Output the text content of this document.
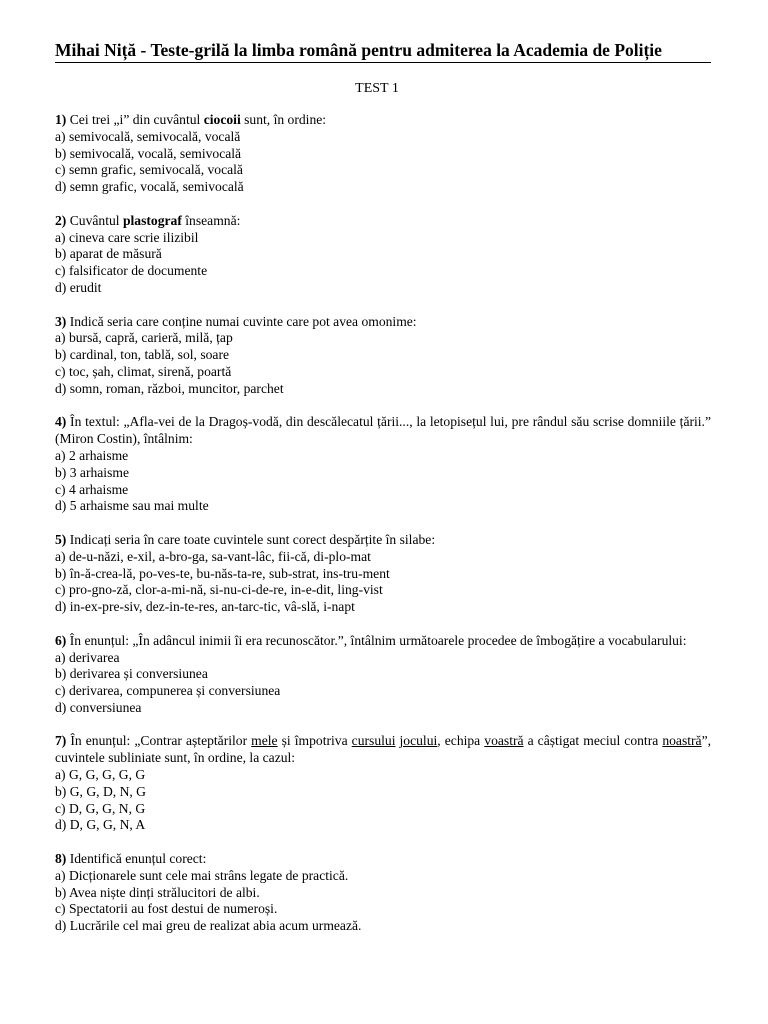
Mihai Niță - Teste-grilă la limba română pentru admiterea la Academia de Poliție
TEST 1
1) Cei trei „i” din cuvântul ciocoii sunt, în ordine:
a) semivocală, semivocală, vocală
b) semivocală, vocală, semivocală
c) semn grafic, semivocală, vocală
d) semn grafic, vocală, semivocală
2) Cuvântul plastograf înseamnă:
a) cineva care scrie ilizibil
b) aparat de măsură
c) falsificator de documente
d) erudit
3) Indică seria care conține numai cuvinte care pot avea omonime:
a) bursă, capră, carieră, milă, țap
b) cardinal, ton, tablă, sol, soare
c) toc, șah, climat, sirenă, poartă
d) somn, roman, război, muncitor, parchet
4) În textul: „Afla-vei de la Dragoș-vodă, din descălecatul țării..., la letopisețul lui, pre rândul său scrise domniile țării.” (Miron Costin), întâlnim:
a) 2 arhaisme
b) 3 arhaisme
c) 4 arhaisme
d) 5 arhaisme sau mai multe
5) Indicați seria în care toate cuvintele sunt corect despărțite în silabe:
a) de-u-năzi, e-xil, a-bro-ga, sa-vant-lâc, fii-că, di-plo-mat
b) în-ă-crea-lă, po-ves-te, bu-năs-ta-re, sub-strat, ins-tru-ment
c) pro-gno-ză, clor-a-mi-nă, si-nu-ci-de-re, in-e-dit, ling-vist
d) in-ex-pre-siv, dez-in-te-res, an-tarc-tic, vâ-slă, i-napt
6) În enunțul: „În adâncul inimii îi era recunoscător.”, întâlnim următoarele procedee de îmbogățire a vocabularului:
a) derivarea
b) derivarea și conversiunea
c) derivarea, compunerea și conversiunea
d) conversiunea
7) În enunțul: „Contrar așteptărilor mele și împotriva cursului jocului, echipa voastră a câștigat meciul contra noastră”, cuvintele subliniate sunt, în ordine, la cazul:
a) G, G, G, G, G
b) G, G, D, N, G
c) D, G, G, N, G
d) D, G, G, N, A
8) Identifică enunțul corect:
a) Dicționarele sunt cele mai strâns legate de practică.
b) Avea niște dinți strălucitori de albi.
c) Spectatorii au fost destui de numeroși.
d) Lucrările cel mai greu de realizat abia acum urmează.
